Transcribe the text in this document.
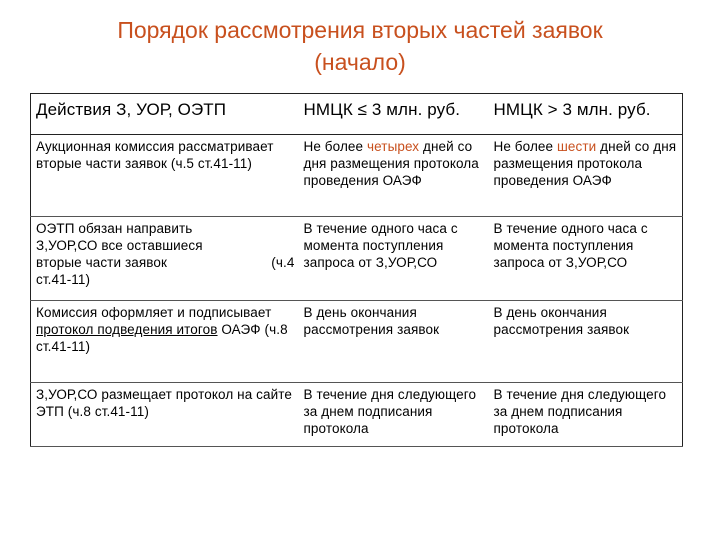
Порядок рассмотрения вторых частей заявок
(начало)
Действия З, УОР, ОЭТП	НМЦК ≤ 3 млн. руб.	НМЦК > 3 млн. руб.
Аукционная комиссия рассматривает вторые части заявок (ч.5 ст.41-11)	Не более четырех дней со дня размещения протокола проведения ОАЭФ	Не более шести дней со дня размещения протокола проведения ОАЭФ

ОЭТП обязан направить З,УОР,СО все оставшиеся вторые части заявок (ч.4
ст.41-11)	В течение одного часа с момента поступления запроса от З,УОР,СО	В течение одного часа с момента поступления запроса от З,УОР,СО
Комиссия оформляет и подписывает протокол подведения итогов ОАЭФ (ч.8 ст.41-11)	В день окончания рассмотрения заявок	В день окончания рассмотрения заявок
З,УОР,СО размещает протокол на сайте ЭТП (ч.8 ст.41-11)	В течение дня следующего за днем подписания протокола	В течение дня следующего за днем подписания протокола
